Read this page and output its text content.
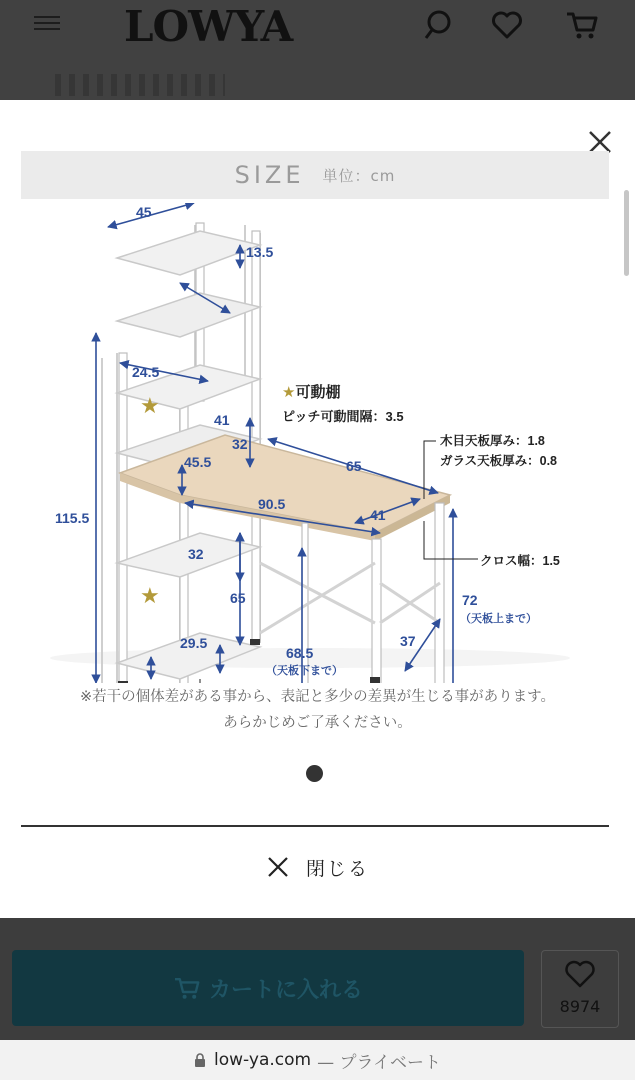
LOWYA
SIZE 単位：cm
★
★
45
13.5
24.5
41
32
45.5	65
115.5
90.5
41
32
65
29.5
68.5
37
72
（天板下まで）
（天板上まで）
★可動棚
ピッチ可動間隔：3.5
木目天板厚み：1.8
ガラス天板厚み：0.8
クロス幅：1.5
※若干の個体差がある事から、表記と多少の差異が生じる事があります。
あらかじめご了承ください。
閉じる
カートに入れる
8974
low-ya.com — プライベート
